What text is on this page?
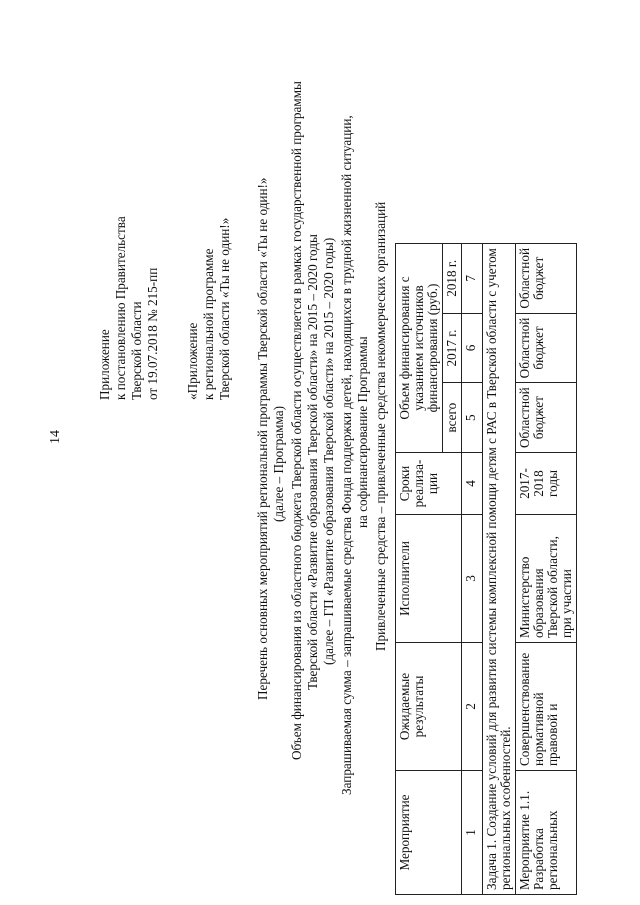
14
Приложение к постановлению Правительства Тверской области от 19.07.2018 № 215-пп «Приложение к региональной программе Тверской области «Ты не один!» Перечень основных мероприятий региональной программы Тверской области «Ты не один!» (далее – Программа) Объем финансирования из областного бюджета Тверской области осуществляется в рамках государственной программы Тверской области «Развитие образования Тверской области» на 2015 – 2020 годы (далее – ГП «Развитие образования Тверской области» на 2015 – 2020 годы) Запрашиваемая сумма – запрашиваемые средства Фонда поддержки детей, находящихся в трудной жизненной ситуации, на софинансирование Программы Привлеченные средства – привлеченные средства некоммерческих организаций
Мероприятие	Ожидаемые результаты	Исполнители	Сроки реализа-ции	Объем финансирования с указанием источников финансирования (руб.)		
				всего	2017 г.	2018 г.
1	2	3	4	5	6	7
Задача 1. Создание условий для развития системы комплексной помощи детям с РАС в Тверской области с учетом региональных особенностей.						
Мероприятие 1.1. Разработка региональных	Совершенствование нормативной правовой и	Министерство образования Тверской области, при участии	2017-2018 годы	Областной бюджет	Областной бюджет	Областной бюджет
